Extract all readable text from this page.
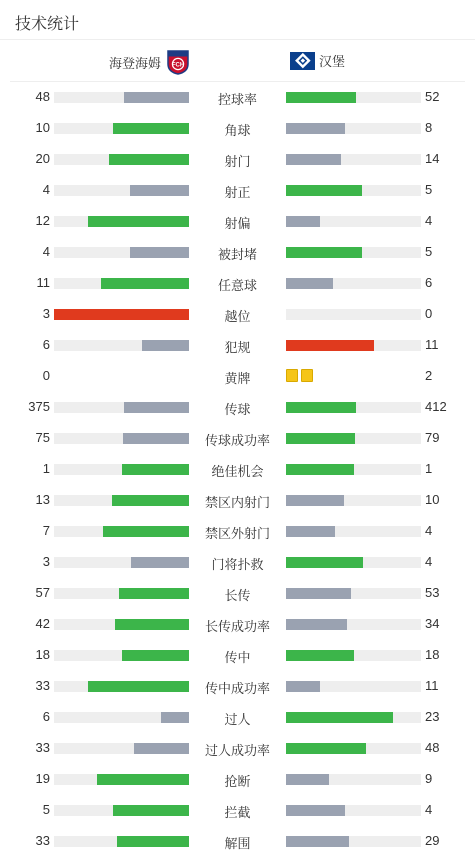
技术统计
海登海姆 FCH	汉堡
48	控球率	52
10	角球	8
20	射门	14
4	射正	5
12	射偏	4
4	被封堵	5
11	任意球	6
3	越位	0
6	犯规	11
0	黄牌	2
375	传球	412
75	传球成功率	79
1	绝佳机会	1
13	禁区内射门	10
7	禁区外射门	4
3	门将扑救	4
57	长传	53
42	长传成功率	34
18	传中	18
33	传中成功率	11
6	过人	23
33	过人成功率	48
19	抢断	9
5	拦截	4
33	解围	29
